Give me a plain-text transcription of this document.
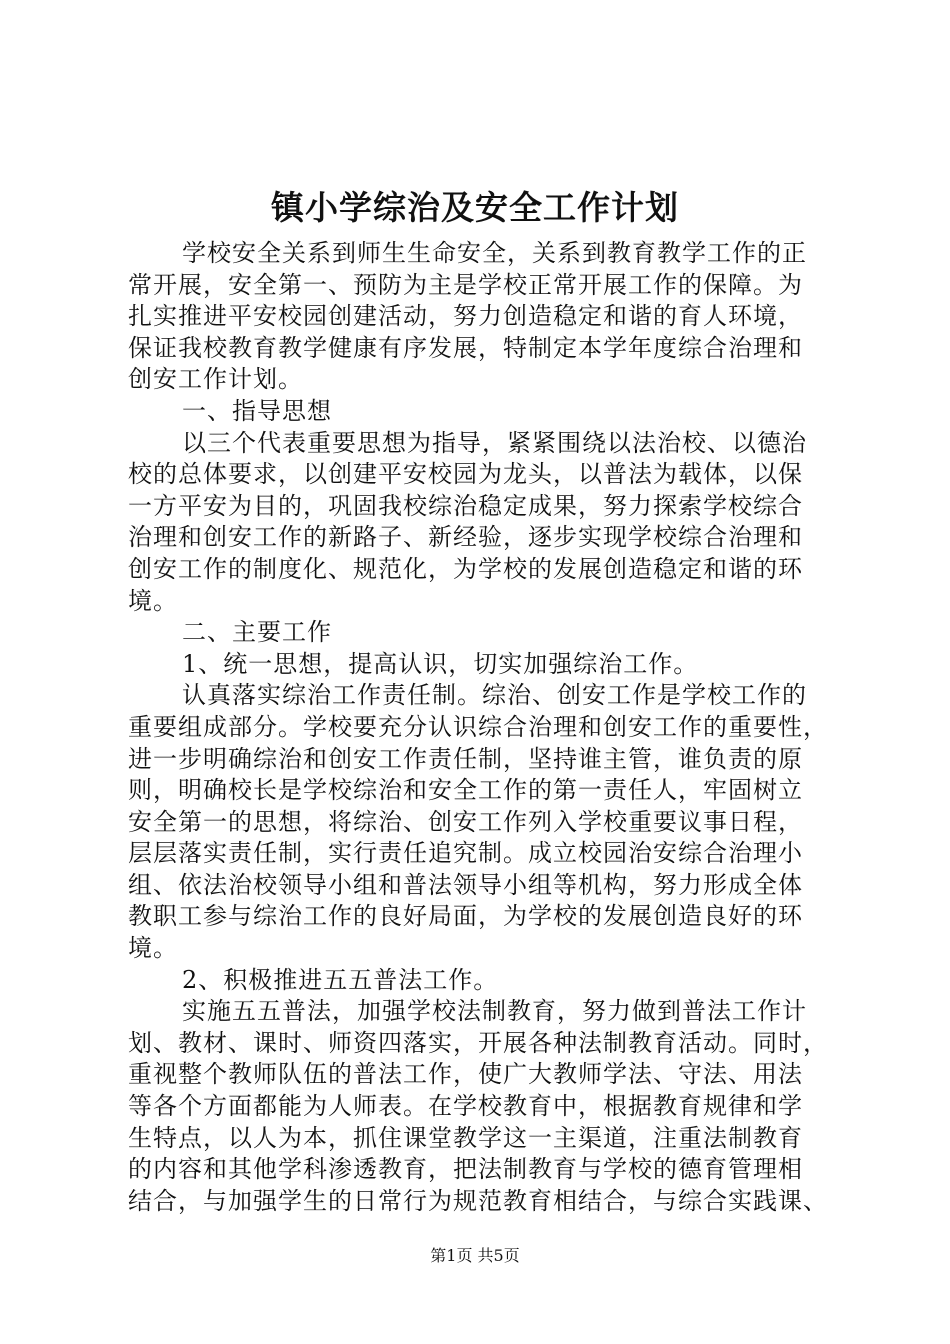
镇小学综治及安全工作计划
学校安全关系到师生生命安全，关系到教育教学工作的正
常开展，安全第一、预防为主是学校正常开展工作的保障。为
扎实推进平安校园创建活动，努力创造稳定和谐的育人环境，
保证我校教育教学健康有序发展，特制定本学年度综合治理和
创安工作计划。
一、指导思想
以三个代表重要思想为指导，紧紧围绕以法治校、以德治
校的总体要求，以创建平安校园为龙头，以普法为载体，以保
一方平安为目的，巩固我校综治稳定成果，努力探索学校综合
治理和创安工作的新路子、新经验，逐步实现学校综合治理和
创安工作的制度化、规范化，为学校的发展创造稳定和谐的环
境。
二、主要工作
1、统一思想，提高认识，切实加强综治工作。
认真落实综治工作责任制。综治、创安工作是学校工作的
重要组成部分。学校要充分认识综合治理和创安工作的重要性，
进一步明确综治和创安工作责任制，坚持谁主管，谁负责的原
则，明确校长是学校综治和安全工作的第一责任人，牢固树立
安全第一的思想，将综治、创安工作列入学校重要议事日程，
层层落实责任制，实行责任追究制。成立校园治安综合治理小
组、依法治校领导小组和普法领导小组等机构，努力形成全体
教职工参与综治工作的良好局面，为学校的发展创造良好的环
境。
2、积极推进五五普法工作。
实施五五普法，加强学校法制教育，努力做到普法工作计
划、教材、课时、师资四落实，开展各种法制教育活动。同时，
重视整个教师队伍的普法工作，使广大教师学法、守法、用法
等各个方面都能为人师表。在学校教育中，根据教育规律和学
生特点，以人为本，抓住课堂教学这一主渠道，注重法制教育
的内容和其他学科渗透教育，把法制教育与学校的德育管理相
结合，与加强学生的日常行为规范教育相结合，与综合实践课、
第1页 共5页
